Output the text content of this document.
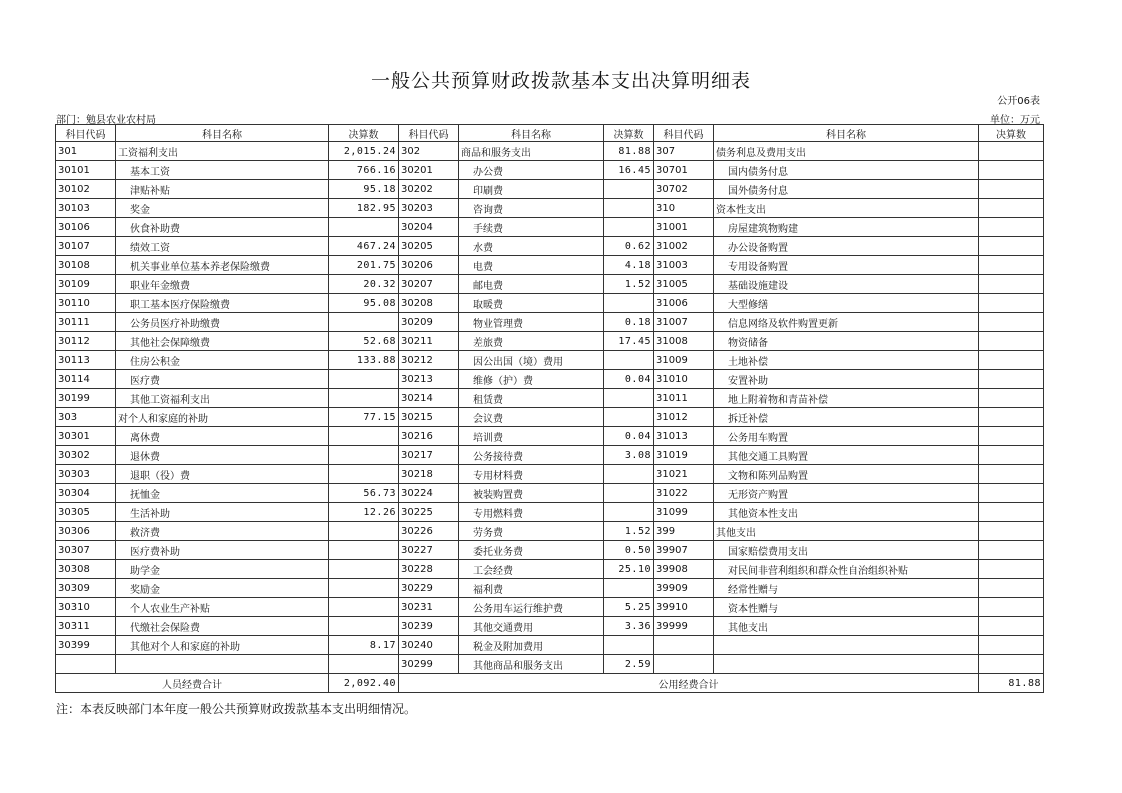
一般公共预算财政拨款基本支出决算明细表
公开06表
部门：勉县农业农村局	单位：万元
科目代码	科目名称	决算数	科目代码	科目名称	决算数	科目代码	科目名称	决算数
301	工资福利支出	2,015.24	302	商品和服务支出	81.88	307	债务利息及费用支出	
30101	基本工资	766.16	30201	办公费	16.45	30701	国内债务付息	
30102	津贴补贴	95.18	30202	印刷费		30702	国外债务付息	
30103	奖金	182.95	30203	咨询费		310	资本性支出	
30106	伙食补助费		30204	手续费		31001	房屋建筑物购建	
30107	绩效工资	467.24	30205	水费	0.62	31002	办公设备购置	
30108	机关事业单位基本养老保险缴费	201.75	30206	电费	4.18	31003	专用设备购置	
30109	职业年金缴费	20.32	30207	邮电费	1.52	31005	基础设施建设	
30110	职工基本医疗保险缴费	95.08	30208	取暖费		31006	大型修缮	
30111	公务员医疗补助缴费		30209	物业管理费	0.18	31007	信息网络及软件购置更新	
30112	其他社会保障缴费	52.68	30211	差旅费	17.45	31008	物资储备	
30113	住房公积金	133.88	30212	因公出国（境）费用		31009	土地补偿	
30114	医疗费		30213	维修（护）费	0.04	31010	安置补助	
30199	其他工资福利支出		30214	租赁费		31011	地上附着物和青苗补偿	
303	对个人和家庭的补助	77.15	30215	会议费		31012	拆迁补偿	
30301	离休费		30216	培训费	0.04	31013	公务用车购置	
30302	退休费		30217	公务接待费	3.08	31019	其他交通工具购置	
30303	退职（役）费		30218	专用材料费		31021	文物和陈列品购置	
30304	抚恤金	56.73	30224	被装购置费		31022	无形资产购置	
30305	生活补助	12.26	30225	专用燃料费		31099	其他资本性支出	
30306	救济费		30226	劳务费	1.52	399	其他支出	
30307	医疗费补助		30227	委托业务费	0.50	39907	国家赔偿费用支出	
30308	助学金		30228	工会经费	25.10	39908	对民间非营利组织和群众性自治组织补贴	
30309	奖励金		30229	福利费		39909	经常性赠与	
30310	个人农业生产补贴		30231	公务用车运行维护费	5.25	39910	资本性赠与	
30311	代缴社会保险费		30239	其他交通费用	3.36	39999	其他支出	
30399	其他对个人和家庭的补助	8.17	30240	税金及附加费用				
			30299	其他商品和服务支出	2.59			
人员经费合计		2,092.40	公用经费合计					81.88
注：本表反映部门本年度一般公共预算财政拨款基本支出明细情况。
